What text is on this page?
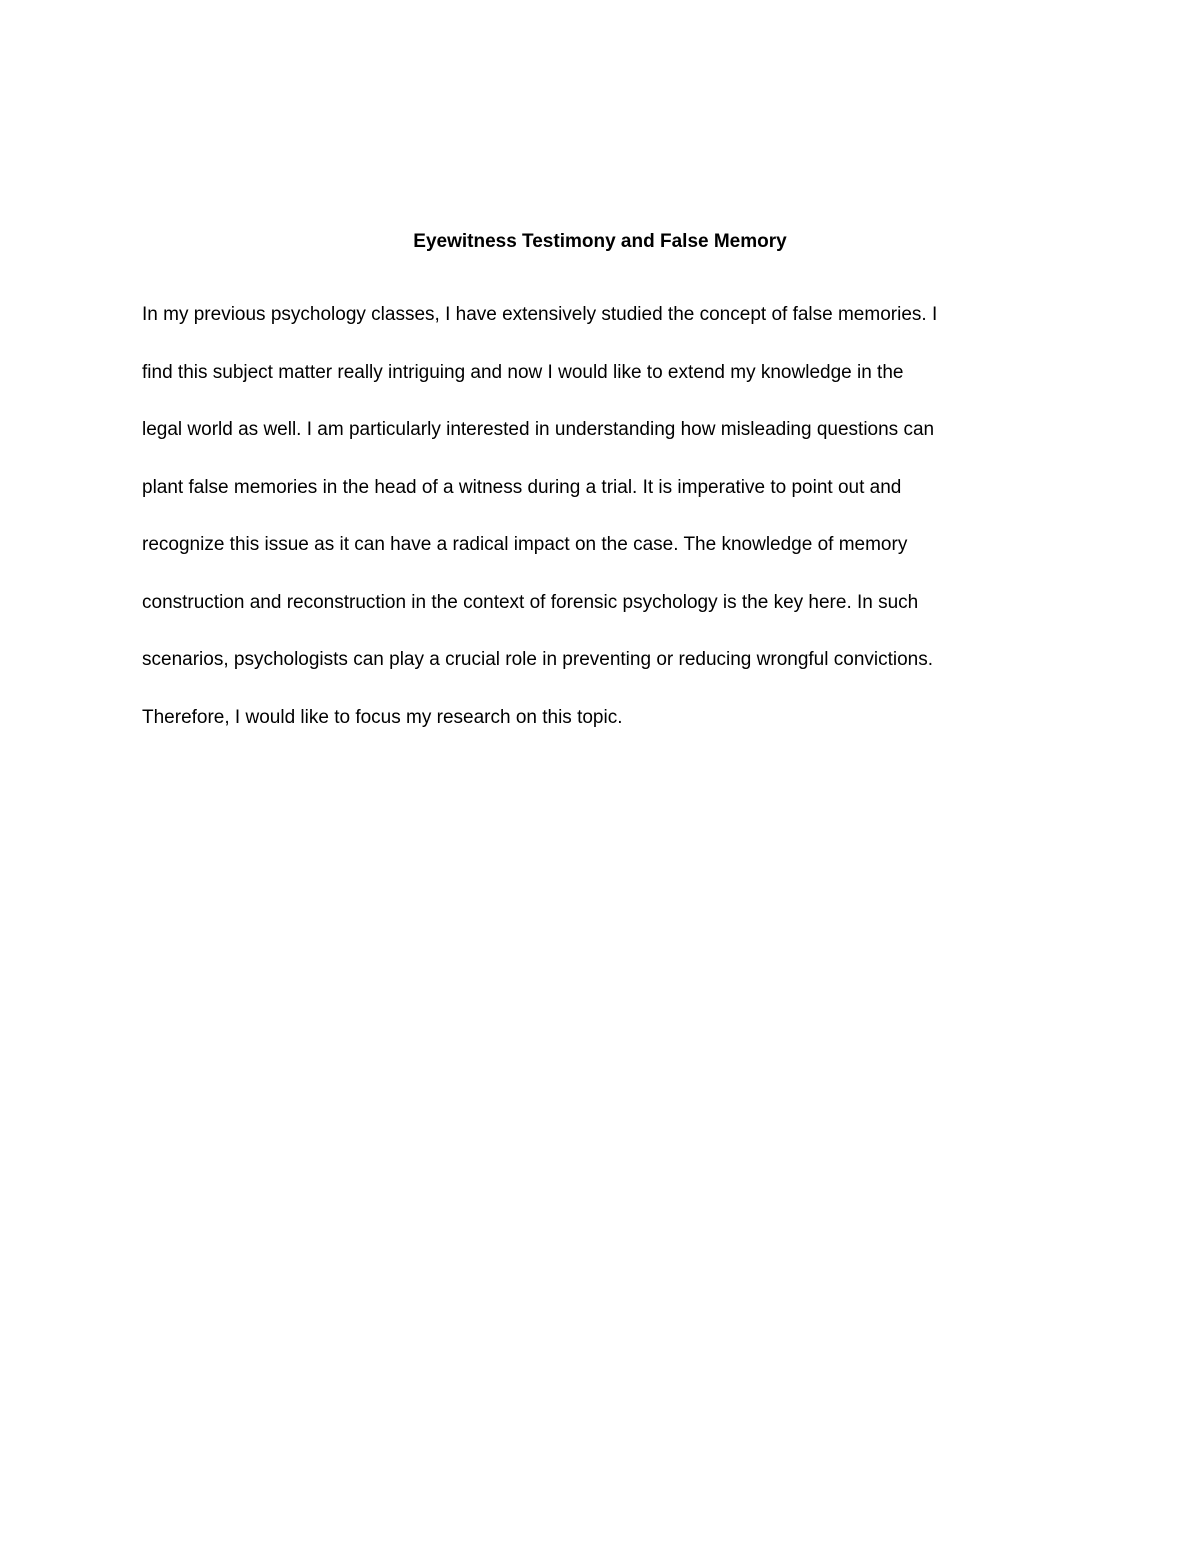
Eyewitness Testimony and False Memory
In my previous psychology classes, I have extensively studied the concept of false memories. I
find this subject matter really intriguing and now I would like to extend my knowledge in the
legal world as well. I am particularly interested in understanding how misleading questions can
plant false memories in the head of a witness during a trial. It is imperative to point out and
recognize this issue as it can have a radical impact on the case. The knowledge of memory
construction and reconstruction in the context of forensic psychology is the key here. In such
scenarios, psychologists can play a crucial role in preventing or reducing wrongful convictions.
Therefore, I would like to focus my research on this topic.
